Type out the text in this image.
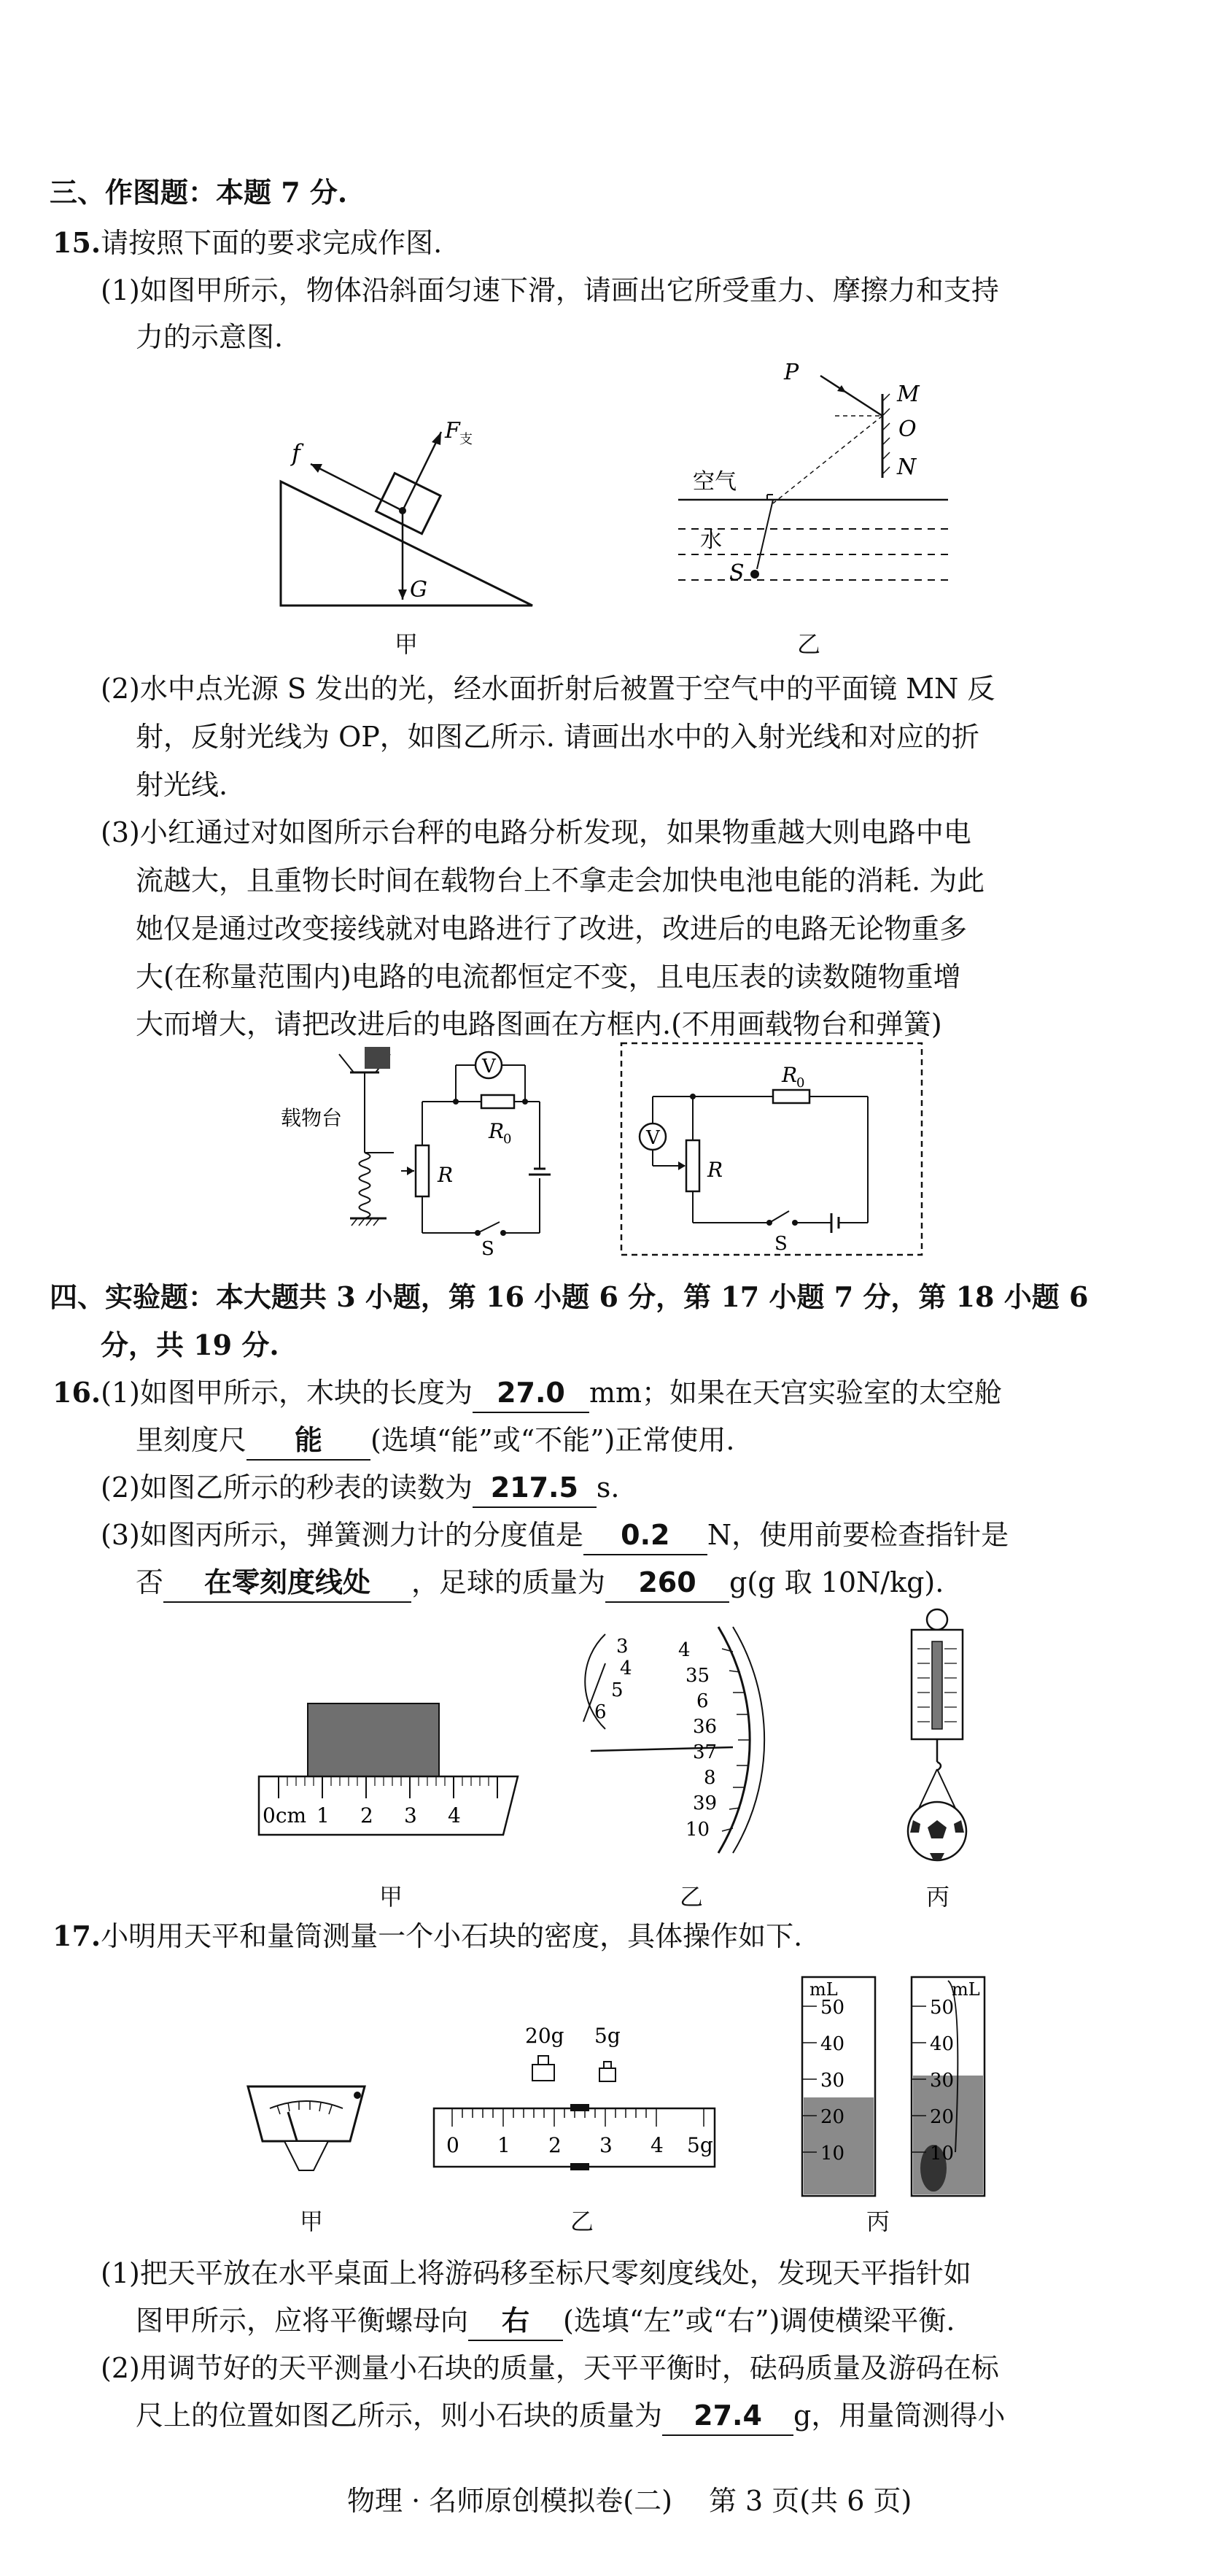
三、作图题：本题 7 分.
15.请按照下面的要求完成作图.
(1)如图甲所示，物体沿斜面匀速下滑，请画出它所受重力、摩擦力和支持
力的示意图.
f
F 支
G
甲
P
M
O
N
空气
水
S
乙
(2)水中点光源 S 发出的光，经水面折射后被置于空气中的平面镜 MN 反
射，反射光线为 OP，如图乙所示. 请画出水中的入射光线和对应的折
射光线.
(3)小红通过对如图所示台秤的电路分析发现，如果物重越大则电路中电
流越大，且重物长时间在载物台上不拿走会加快电池电能的消耗. 为此
她仅是通过改变接线就对电路进行了改进，改进后的电路无论物重多
大(在称量范围内)电路的电流都恒定不变，且电压表的读数随物重增
大而增大，请把改进后的电路图画在方框内.(不用画载物台和弹簧)
V
载物台
R
0
R
S
V
R
0
R
S
四、实验题：本大题共 3 小题，第 16 小题 6 分，第 17 小题 7 分，第 18 小题 6
分，共 19 分.
16.(1)如图甲所示，木块的长度为 27.0 mm；如果在天宫实验室的太空舱
里刻度尺 能 (选填“能”或“不能”)正常使用.
(2)如图乙所示的秒表的读数为 217.5 s.
(3)如图丙所示，弹簧测力计的分度值是 0.2 N，使用前要检查指针是
否 在零刻度线处 ，足球的质量为 260 g(g 取 10N/kg).
0cm 1 2 3 4
甲
3
4
5
6
4
35
6
36
37
8
39
10
乙	丙
17.小明用天平和量筒测量一个小石块的密度，具体操作如下.
甲
20g 5g
0 1 2 3 4 5g
乙
mL
50
40
30
20
10
mL
50
40
30
20
10
丙
(1)把天平放在水平桌面上将游码移至标尺零刻度线处，发现天平指针如
图甲所示，应将平衡螺母向 右 (选填“左”或“右”)调使横梁平衡.
(2)用调节好的天平测量小石块的质量，天平平衡时，砝码质量及游码在标
尺上的位置如图乙所示，则小石块的质量为 27.4 g，用量筒测得小
物理 · 名师原创模拟卷(二)　 第 3 页(共 6 页)
